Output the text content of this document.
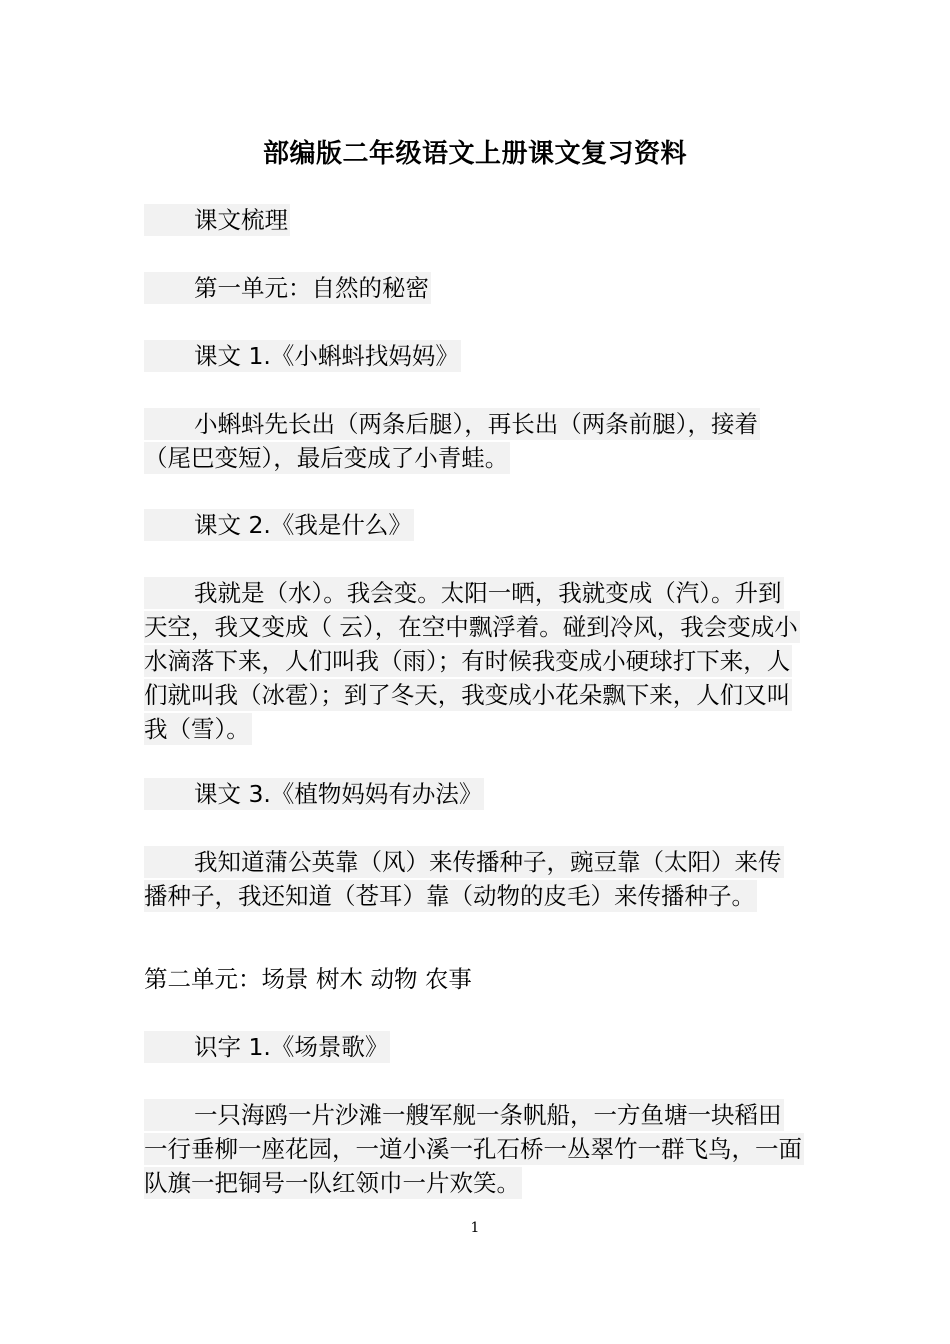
部编版二年级语文上册课文复习资料

课文梳理

第一单元：自然的秘密

课文 1.《小蝌蚪找妈妈》

小蝌蚪先长出（两条后腿），再长出（两条前腿），接着（尾巴变短），最后变成了小青蛙。

课文 2.《我是什么》

我就是（水）。我会变。太阳一晒，我就变成（汽）。升到天空，我又变成（ 云），在空中飘浮着。碰到冷风，我会变成小水滴落下来，人们叫我（雨）；有时候我变成小硬球打下来，人们就叫我（冰雹）；到了冬天，我变成小花朵飘下来，人们又叫我（雪）。

课文 3.《植物妈妈有办法》

我知道蒲公英靠（风）来传播种子，豌豆靠（太阳）来传播种子，我还知道（苍耳）靠（动物的皮毛）来传播种子。

第二单元：场景 树木 动物 农事

识字 1.《场景歌》

一只海鸥一片沙滩一艘军舰一条帆船，一方鱼塘一块稻田一行垂柳一座花园，一道小溪一孔石桥一丛翠竹一群飞鸟，一面队旗一把铜号一队红领巾一片欢笑。

1
